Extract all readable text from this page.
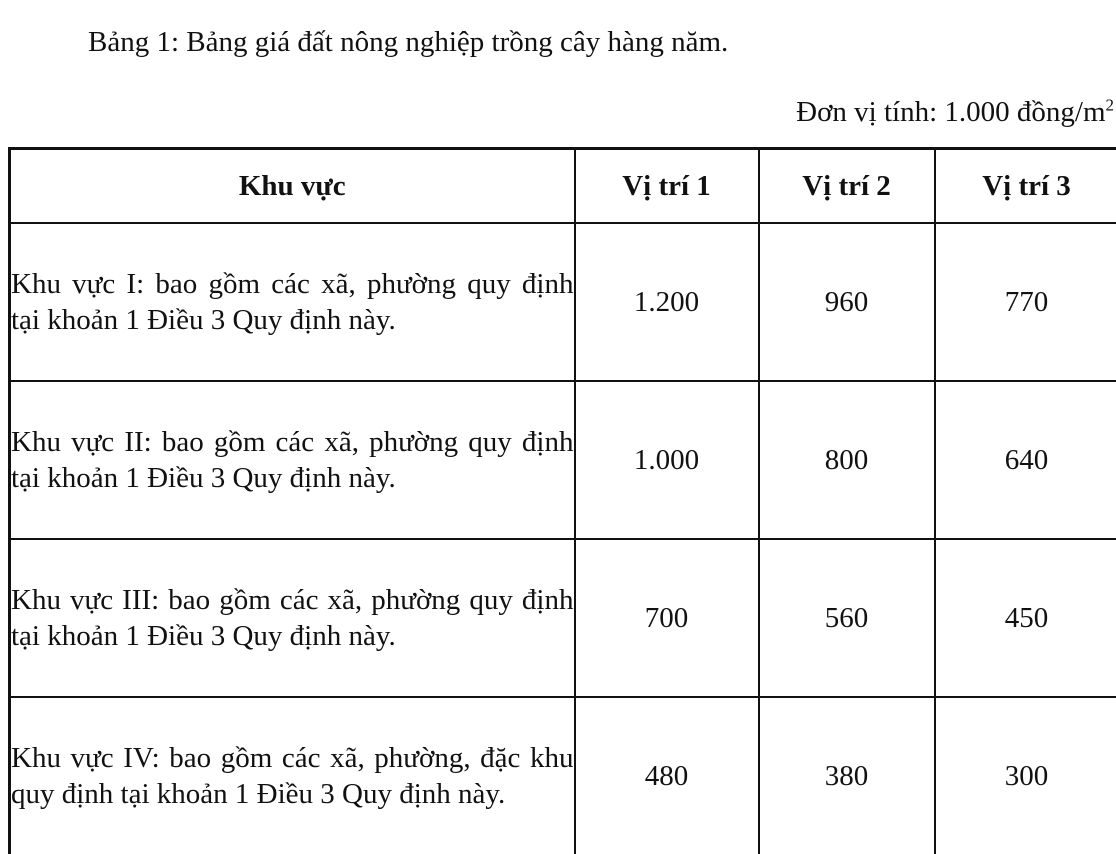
Bảng 1: Bảng giá đất nông nghiệp trồng cây hàng năm.
Đơn vị tính: 1.000 đồng/$m^2$
Khu vực	Vị trí 1	Vị trí 2	Vị trí 3
Khu vực I: bao gồm các xã, phường quy định tại khoản 1 Điều 3 Quy định này.	1.200	960	770
Khu vực II: bao gồm các xã, phường quy định tại khoản 1 Điều 3 Quy định này.	1.000	800	640
Khu vực III: bao gồm các xã, phường quy định tại khoản 1 Điều 3 Quy định này.	700	560	450
Khu vực IV: bao gồm các xã, phường, đặc khu quy định tại khoản 1 Điều 3 Quy định này.	480	380	300
